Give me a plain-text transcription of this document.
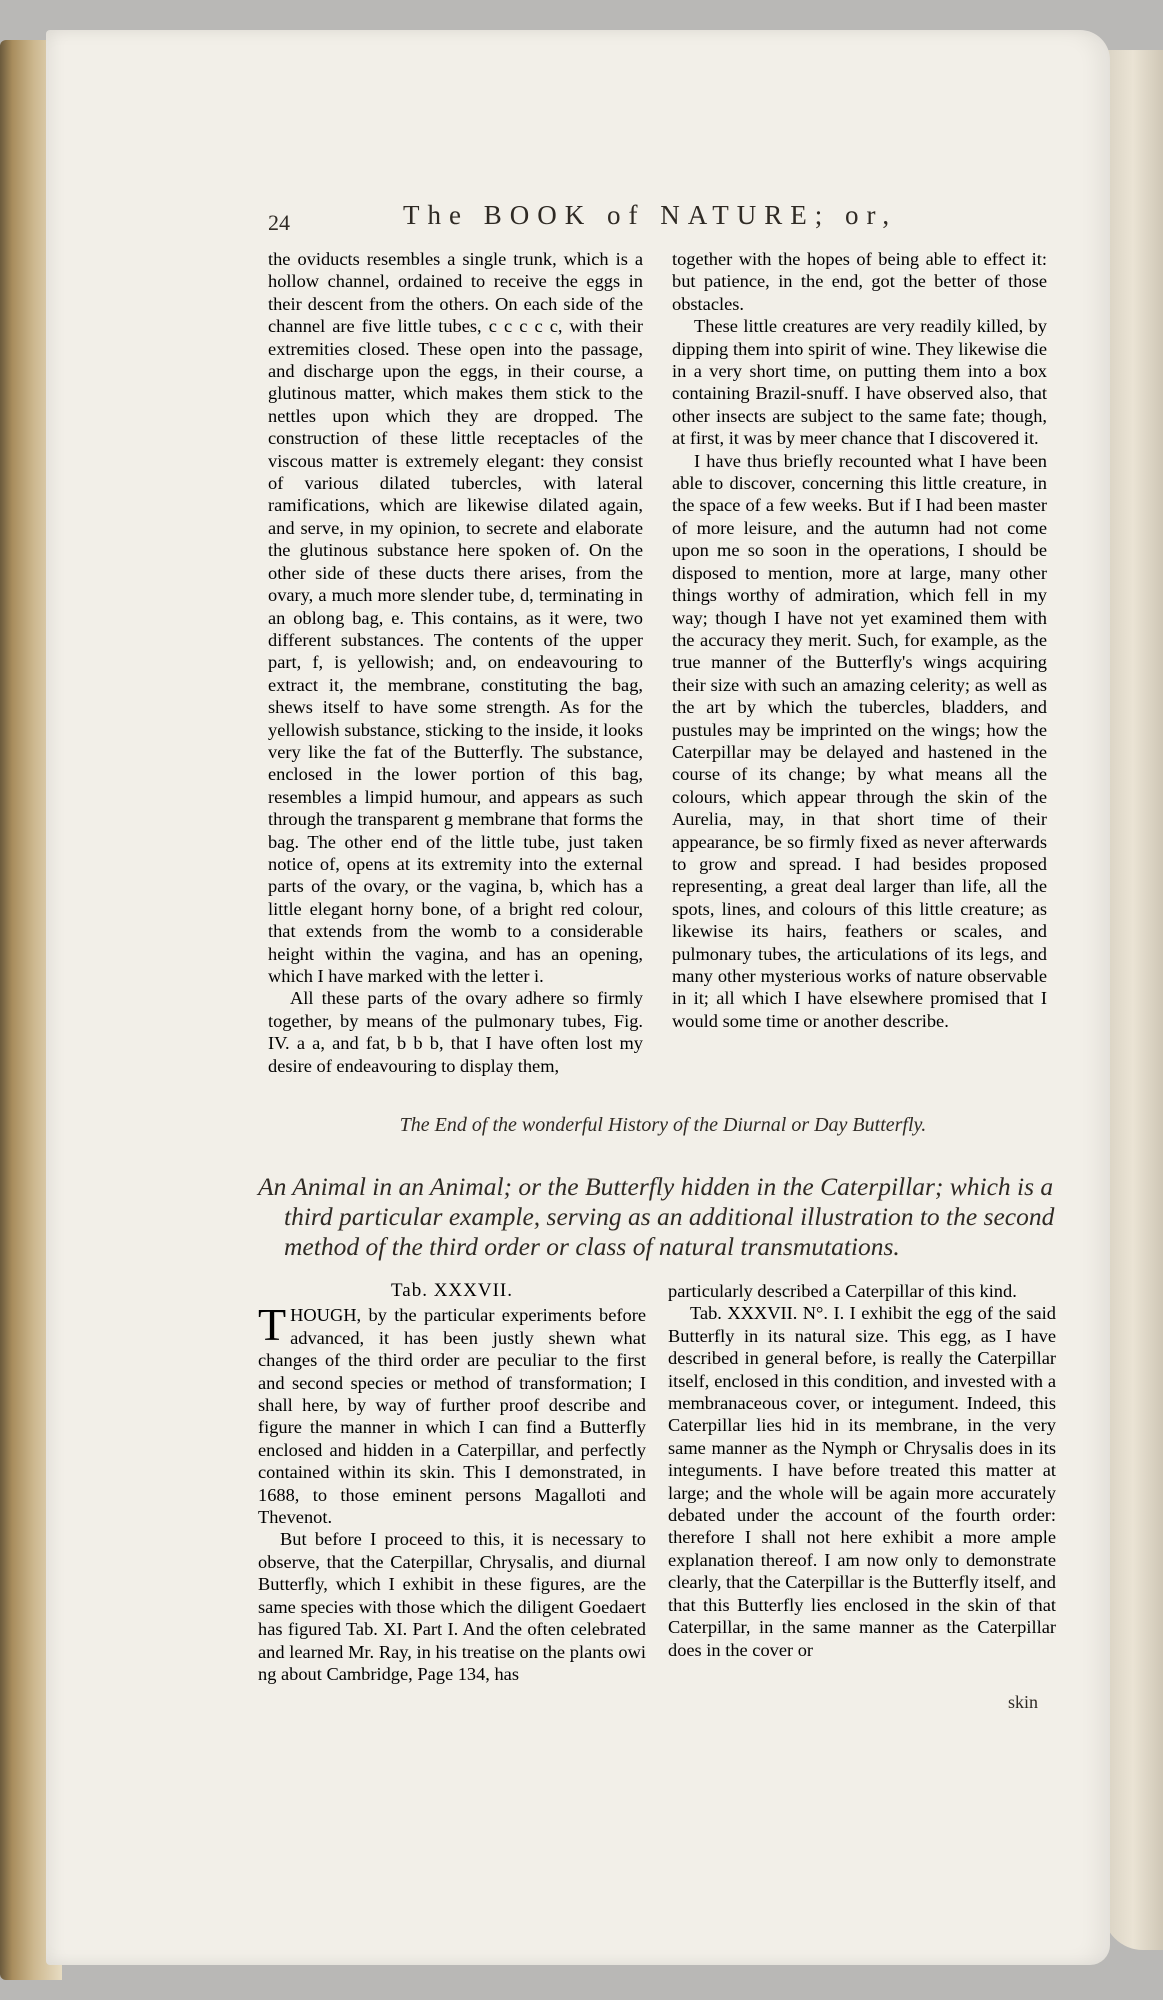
24	The BOOK of NATURE; or,

the oviducts resembles a single trunk, which is a hollow channel, ordained to receive the eggs in their descent from the others. On each side of the channel are five little tubes, c c c c c, with their extremities closed. These open into the passage, and discharge upon the eggs, in their course, a glutinous matter, which makes them stick to the nettles upon which they are dropped. The construction of these little receptacles of the viscous matter is extremely elegant: they consist of various dilated tubercles, with lateral ramifications, which are likewise dilated again, and serve, in my opinion, to secrete and elaborate the glutinous substance here spoken of. On the other side of these ducts there arises, from the ovary, a much more slender tube, d, terminating in an oblong bag, e. This contains, as it were, two different substances. The contents of the upper part, f, is yellowish; and, on endeavouring to extract it, the membrane, constituting the bag, shews itself to have some strength. As for the yellowish substance, sticking to the inside, it looks very like the fat of the Butterfly. The substance, enclosed in the lower portion of this bag, resembles a limpid humour, and appears as such through the transparent g membrane that forms the bag. The other end of the little tube, just taken notice of, opens at its extremity into the external parts of the ovary, or the vagina, b, which has a little elegant horny bone, of a bright red colour, that extends from the womb to a considerable height within the vagina, and has an opening, which I have marked with the letter i.

All these parts of the ovary adhere so firmly together, by means of the pulmonary tubes, Fig. IV. a a, and fat, b b b, that I have often lost my desire of endeavouring to display them,

together with the hopes of being able to effect it: but patience, in the end, got the better of those obstacles.

These little creatures are very readily killed, by dipping them into spirit of wine. They likewise die in a very short time, on putting them into a box containing Brazil-snuff. I have observed also, that other insects are subject to the same fate; though, at first, it was by meer chance that I discovered it.

I have thus briefly recounted what I have been able to discover, concerning this little creature, in the space of a few weeks. But if I had been master of more leisure, and the autumn had not come upon me so soon in the operations, I should be disposed to mention, more at large, many other things worthy of admiration, which fell in my way; though I have not yet examined them with the accuracy they merit. Such, for example, as the true manner of the Butterfly's wings acquiring their size with such an amazing celerity; as well as the art by which the tubercles, bladders, and pustules may be imprinted on the wings; how the Caterpillar may be delayed and hastened in the course of its change; by what means all the colours, which appear through the skin of the Aurelia, may, in that short time of their appearance, be so firmly fixed as never afterwards to grow and spread. I had besides proposed representing, a great deal larger than life, all the spots, lines, and colours of this little creature; as likewise its hairs, feathers or scales, and pulmonary tubes, the articulations of its legs, and many other mysterious works of nature observable in it; all which I have elsewhere promised that I would some time or another describe.

The End of the wonderful History of the Diurnal or Day Butterfly.
An Animal in an Animal; or the Butterfly hidden in the Caterpillar; which is a
third particular example, serving as an additional illustration to the second
method of the third order or class of natural transmutations.

Tab. XXXVII.

THOUGH, by the particular experiments before advanced, it has been justly shewn what changes of the third order are peculiar to the first and second species or method of transformation; I shall here, by way of further proof describe and figure the manner in which I can find a Butterfly enclosed and hidden in a Caterpillar, and perfectly contained within its skin. This I demonstrated, in 1688, to those eminent persons Magalloti and Thevenot.

But before I proceed to this, it is necessary to observe, that the Caterpillar, Chrysalis, and diurnal Butterfly, which I exhibit in these figures, are the same species with those which the diligent Goedaert has figured Tab. XI. Part I. And the often celebrated and learned Mr. Ray, in his treatise on the plants owi ng about Cambridge, Page 134, has

particularly described a Caterpillar of this kind.

Tab. XXXVII. N°. I. I exhibit the egg of the said Butterfly in its natural size. This egg, as I have described in general before, is really the Caterpillar itself, enclosed in this condition, and invested with a membranaceous cover, or integument. Indeed, this Caterpillar lies hid in its membrane, in the very same manner as the Nymph or Chrysalis does in its integuments. I have before treated this matter at large; and the whole will be again more accurately debated under the account of the fourth order: therefore I shall not here exhibit a more ample explanation thereof. I am now only to demonstrate clearly, that the Caterpillar is the Butterfly itself, and that this Butterfly lies enclosed in the skin of that Caterpillar, in the same manner as the Caterpillar does in the cover or

skin
